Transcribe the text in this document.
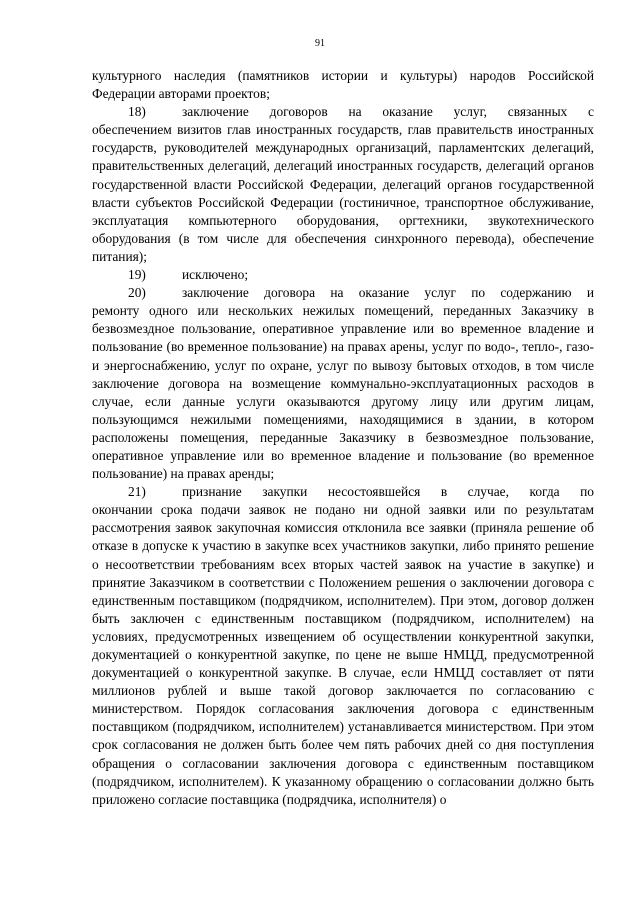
91

культурного наследия (памятников истории и культуры) народов Российской Федерации авторами проектов;

18)	заключение договоров на оказание услуг, связанных с

обеспечением визитов глав иностранных государств, глав правительств иностранных государств, руководителей международных организаций, парламентских делегаций, правительственных делегаций, делегаций иностранных государств, делегаций органов государственной власти Российской Федерации, делегаций органов государственной власти субъектов Российской Федерации (гостиничное, транспортное обслуживание, эксплуатация компьютерного оборудования, оргтехники, звукотехнического оборудования (в том числе для обеспечения синхронного перевода), обеспечение питания);

19)	исключено;
20)	заключение договора на оказание услуг по содержанию и

ремонту одного или нескольких нежилых помещений, переданных Заказчику в безвозмездное пользование, оперативное управление или во временное владение и пользование (во временное пользование) на правах арены, услуг по водо-, тепло-, газо- и энергоснабжению, услуг по охране, услуг по вывозу бытовых отходов, в том числе заключение договора на возмещение коммунально-эксплуатационных расходов в случае, если данные услуги оказываются другому лицу или другим лицам, пользующимся нежилыми помещениями, находящимися в здании, в котором расположены помещения, переданные Заказчику в безвозмездное пользование, оперативное управление или во временное владение и пользование (во временное пользование) на правах аренды;

21)	признание закупки несостоявшейся в случае, когда по

окончании срока подачи заявок не подано ни одной заявки или по результатам рассмотрения заявок закупочная комиссия отклонила все заявки (приняла решение об отказе в допуске к участию в закупке всех участников закупки, либо принято решение о несоответствии требованиям всех вторых частей заявок на участие в закупке) и принятие Заказчиком в соответствии с Положением решения о заключении договора с единственным поставщиком (подрядчиком, исполнителем). При этом, договор должен быть заключен с единственным поставщиком (подрядчиком, исполнителем) на условиях, предусмотренных извещением об осуществлении конкурентной закупки, документацией о конкурентной закупке, по цене не выше НМЦД, предусмотренной документацией о конкурентной закупке. В случае, если НМЦД составляет от пяти миллионов рублей и выше такой договор заключается по согласованию с министерством. Порядок согласования заключения договора с единственным поставщиком (подрядчиком, исполнителем) устанавливается министерством. При этом срок согласования не должен быть более чем пять рабочих дней со дня поступления обращения о согласовании заключения договора с единственным поставщиком (подрядчиком, исполнителем). К указанному обращению о согласовании должно быть приложено согласие поставщика (подрядчика, исполнителя) о
